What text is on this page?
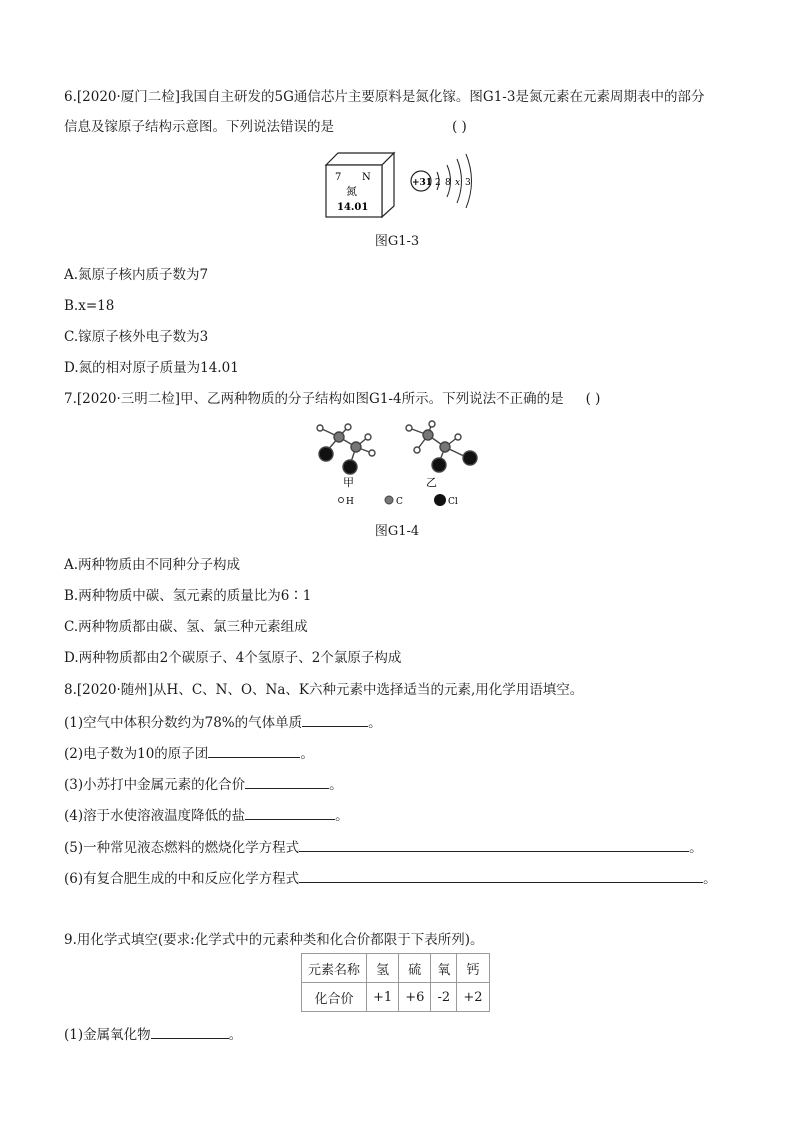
6.[2020·厦门二检]我国自主研发的5G通信芯片主要原料是氮化镓。图G1-3是氮元素在元素周期表中的部分
信息及镓原子结构示意图。下列说法错误的是	( )
7 N
氮
14.01
+31 2 8 x 3
图G1-3
A.氮原子核内质子数为7
B.x=18
C.镓原子核外电子数为3
D.氮的相对原子质量为14.01
7.[2020·三明二检]甲、乙两种物质的分子结构如图G1-4所示。下列说法不正确的是 ( )
甲	乙
H	C	Cl
图G1-4
A.两种物质由不同种分子构成
B.两种物质中碳、氢元素的质量比为6∶1
C.两种物质都由碳、氢、氯三种元素组成
D.两种物质都由2个碳原子、4个氢原子、2个氯原子构成
8.[2020·随州]从H、C、N、O、Na、K六种元素中选择适当的元素,用化学用语填空。
(1)空气中体积分数约为78%的气体单质	。
(2)电子数为10的原子团	。
(3)小苏打中金属元素的化合价	。
(4)溶于水使溶液温度降低的盐	。
(5)一种常见液态燃料的燃烧化学方程式	。
(6)有复合肥生成的中和反应化学方程式	。
9.用化学式填空(要求:化学式中的元素种类和化合价都限于下表所列)。
元素名称	氢	硫	氧	钙
化合价	+1	+6	-2	+2
(1)金属氧化物	。
